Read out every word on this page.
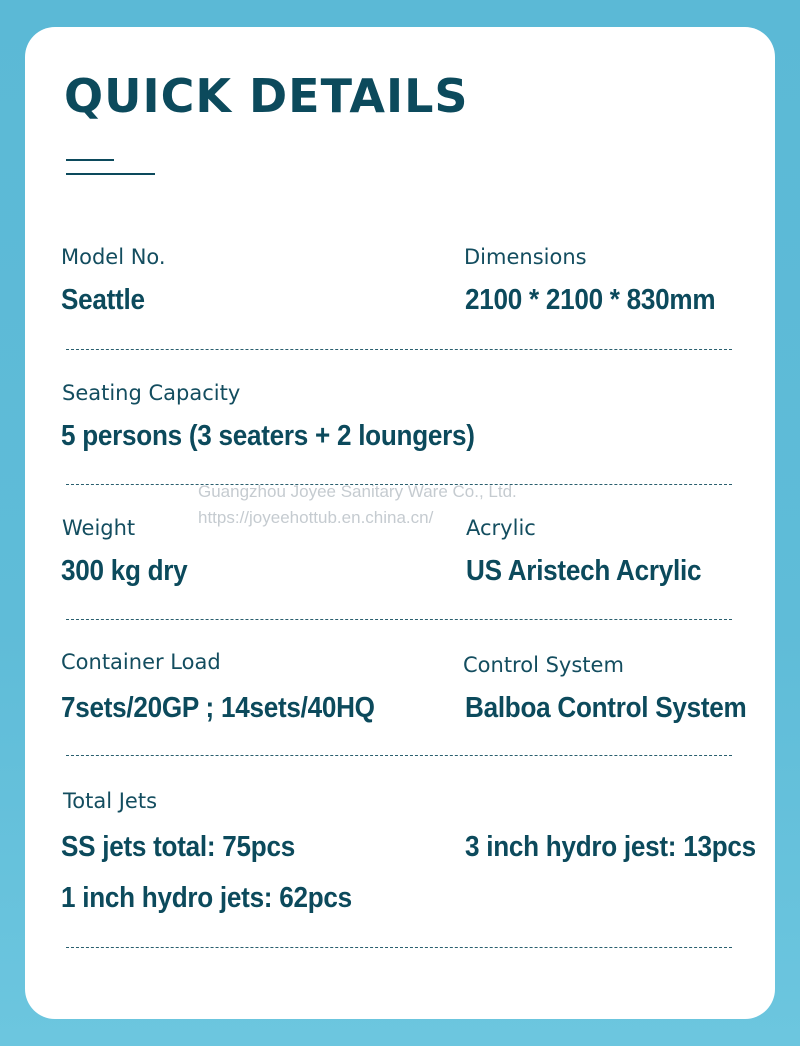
QUICK DETAILS

Model No.

Seattle

Dimensions

2100 * 2100 * 830mm

Seating Capacity

5 persons (3 seaters + 2 loungers)

Guangzhou Joyee Sanitary Ware Co., Ltd.

https://joyeehottub.en.china.cn/

Weight

300 kg dry

Acrylic

US Aristech Acrylic

Container Load

7sets/20GP ; 14sets/40HQ

Control System

Balboa Control System

Total Jets

SS jets total: 75pcs	3 inch hydro jest: 13pcs

1 inch hydro jets: 62pcs
